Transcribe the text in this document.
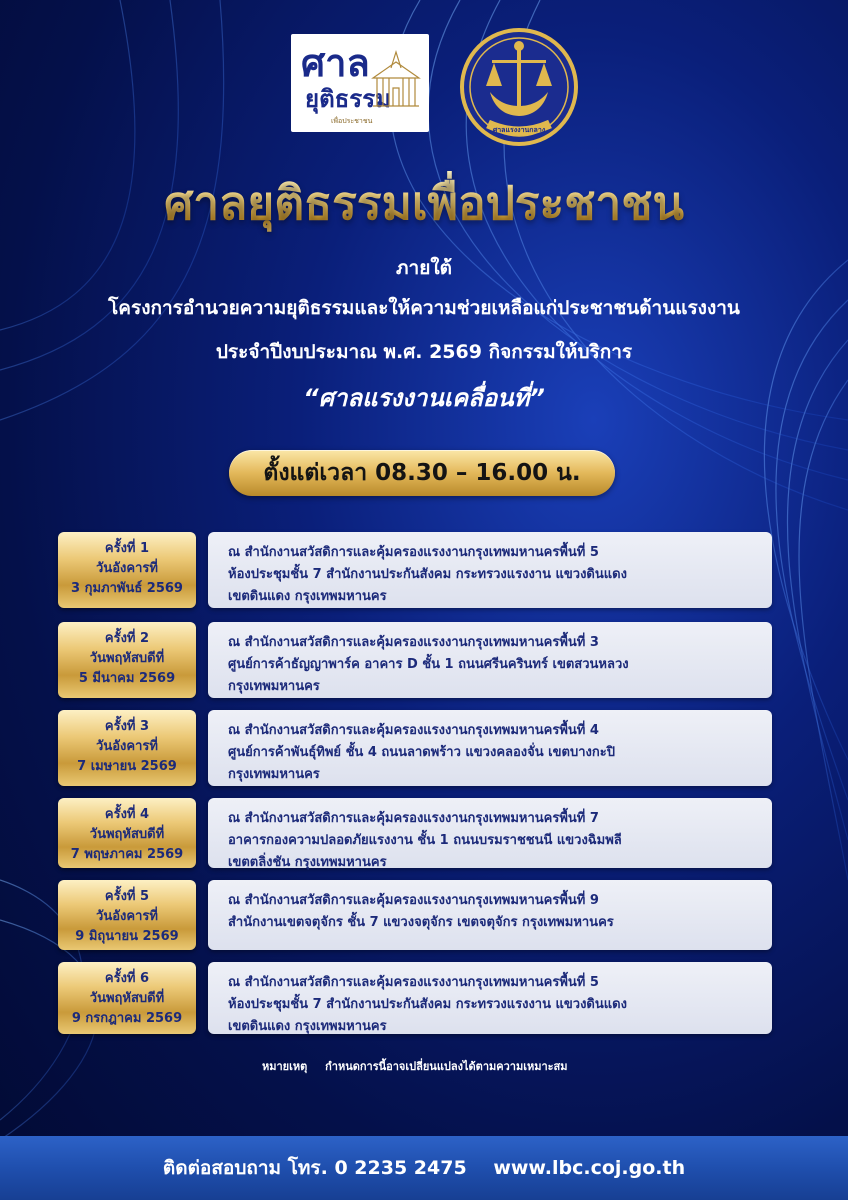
ศาล
ยุติธรรม
เพื่อประชาชน
ศาลแรงงานกลาง
ศาลยุติธรรมเพื่อประชาชน
ภายใต้
โครงการอำนวยความยุติธรรมและให้ความช่วยเหลือแก่ประชาชนด้านแรงงาน
ประจำปีงบประมาณ พ.ศ. 2569 กิจกรรมให้บริการ
“ศาลแรงงานเคลื่อนที่”
ตั้งแต่เวลา 08.30 – 16.00 น.
ครั้งที่ 1
วันอังคารที่
3 กุมภาพันธ์ 2569
ณ สำนักงานสวัสดิการและคุ้มครองแรงงานกรุงเทพมหานครพื้นที่ 5
ห้องประชุมชั้น 7 สำนักงานประกันสังคม กระทรวงแรงงาน แขวงดินแดง
เขตดินแดง กรุงเทพมหานคร
ครั้งที่ 2
วันพฤหัสบดีที่
5 มีนาคม 2569
ณ สำนักงานสวัสดิการและคุ้มครองแรงงานกรุงเทพมหานครพื้นที่ 3
ศูนย์การค้าธัญญาพาร์ค อาคาร D ชั้น 1 ถนนศรีนครินทร์ เขตสวนหลวง
กรุงเทพมหานคร
ครั้งที่ 3
วันอังคารที่
7 เมษายน 2569
ณ สำนักงานสวัสดิการและคุ้มครองแรงงานกรุงเทพมหานครพื้นที่ 4
ศูนย์การค้าพันธุ์ทิพย์ ชั้น 4 ถนนลาดพร้าว แขวงคลองจั่น เขตบางกะปิ
กรุงเทพมหานคร
ครั้งที่ 4
วันพฤหัสบดีที่
7 พฤษภาคม 2569
ณ สำนักงานสวัสดิการและคุ้มครองแรงงานกรุงเทพมหานครพื้นที่ 7
อาคารกองความปลอดภัยแรงงาน ชั้น 1 ถนนบรมราชชนนี แขวงฉิมพลี
เขตตลิ่งชัน กรุงเทพมหานคร
ครั้งที่ 5
วันอังคารที่
9 มิถุนายน 2569
ณ สำนักงานสวัสดิการและคุ้มครองแรงงานกรุงเทพมหานครพื้นที่ 9
สำนักงานเขตจตุจักร ชั้น 7 แขวงจตุจักร เขตจตุจักร กรุงเทพมหานคร
ครั้งที่ 6
วันพฤหัสบดีที่
9 กรกฎาคม 2569
ณ สำนักงานสวัสดิการและคุ้มครองแรงงานกรุงเทพมหานครพื้นที่ 5
ห้องประชุมชั้น 7 สำนักงานประกันสังคม กระทรวงแรงงาน แขวงดินแดง
เขตดินแดง กรุงเทพมหานคร
หมายเหตุ กำหนดการนี้อาจเปลี่ยนแปลงได้ตามความเหมาะสม
ติดต่อสอบถาม โทร. 0 2235 2475 www.lbc.coj.go.th
